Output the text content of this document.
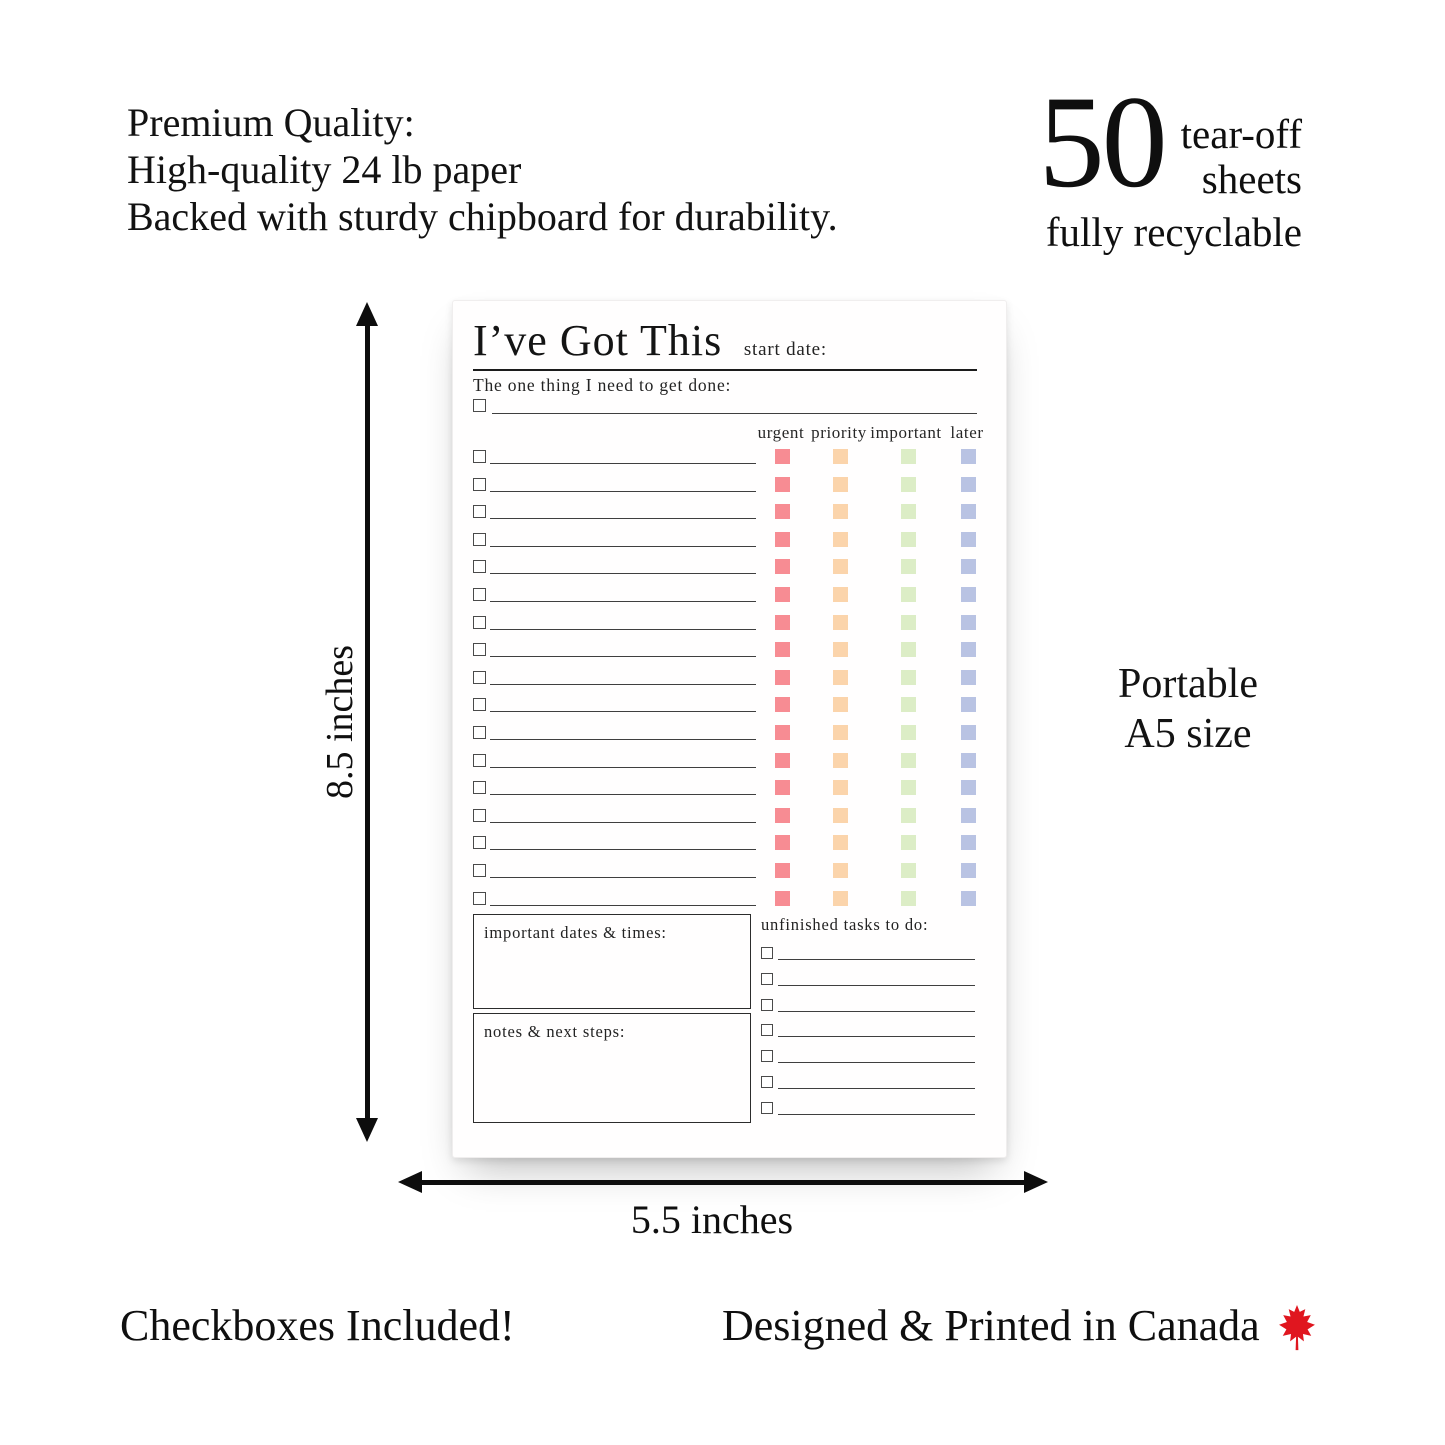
Premium Quality:
High-quality 24 lb paper
Backed with sturdy chipboard for durability.
50 tear-off
sheets
fully recyclable
I’ve Got This start date:
The one thing I need to get done:
urgent priority important later
important dates & times:
notes & next steps:
unfinished tasks to do:
8.5 inches
5.5 inches
Portable
A5 size
Checkboxes Included!	Designed & Printed in Canada
